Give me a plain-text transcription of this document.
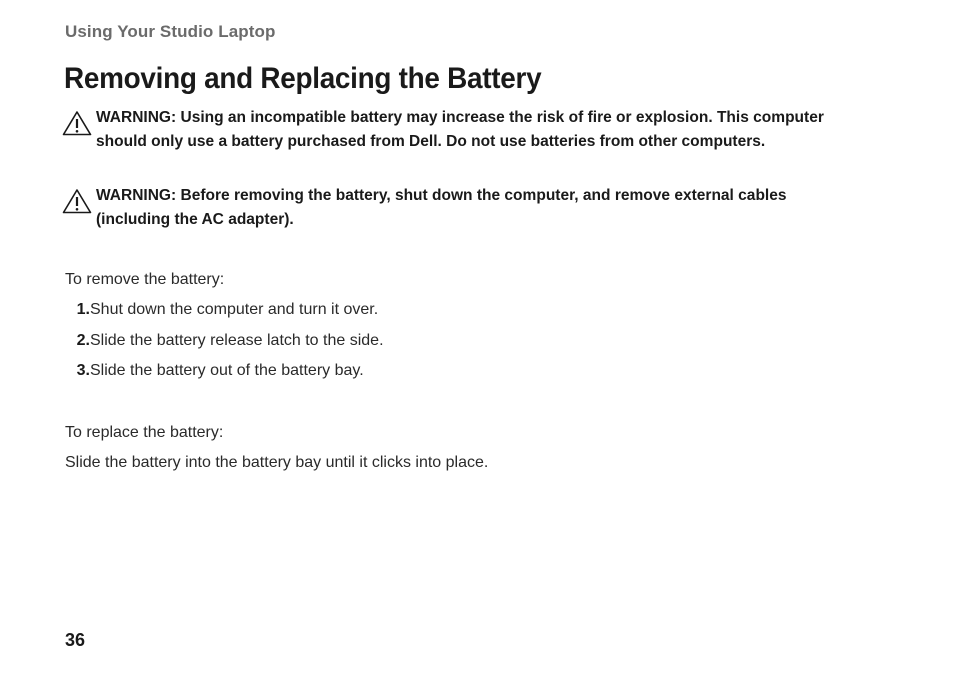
Using Your Studio Laptop
Removing and Replacing the Battery
WARNING: Using an incompatible battery may increase the risk of fire or explosion. This computer should only use a battery purchased from Dell. Do not use batteries from other computers.
WARNING: Before removing the battery, shut down the computer, and remove external cables (including the AC adapter).
To remove the battery:
1. Shut down the computer and turn it over.
2. Slide the battery release latch to the side.
3. Slide the battery out of the battery bay.
To replace the battery:
Slide the battery into the battery bay until it clicks into place.
36
